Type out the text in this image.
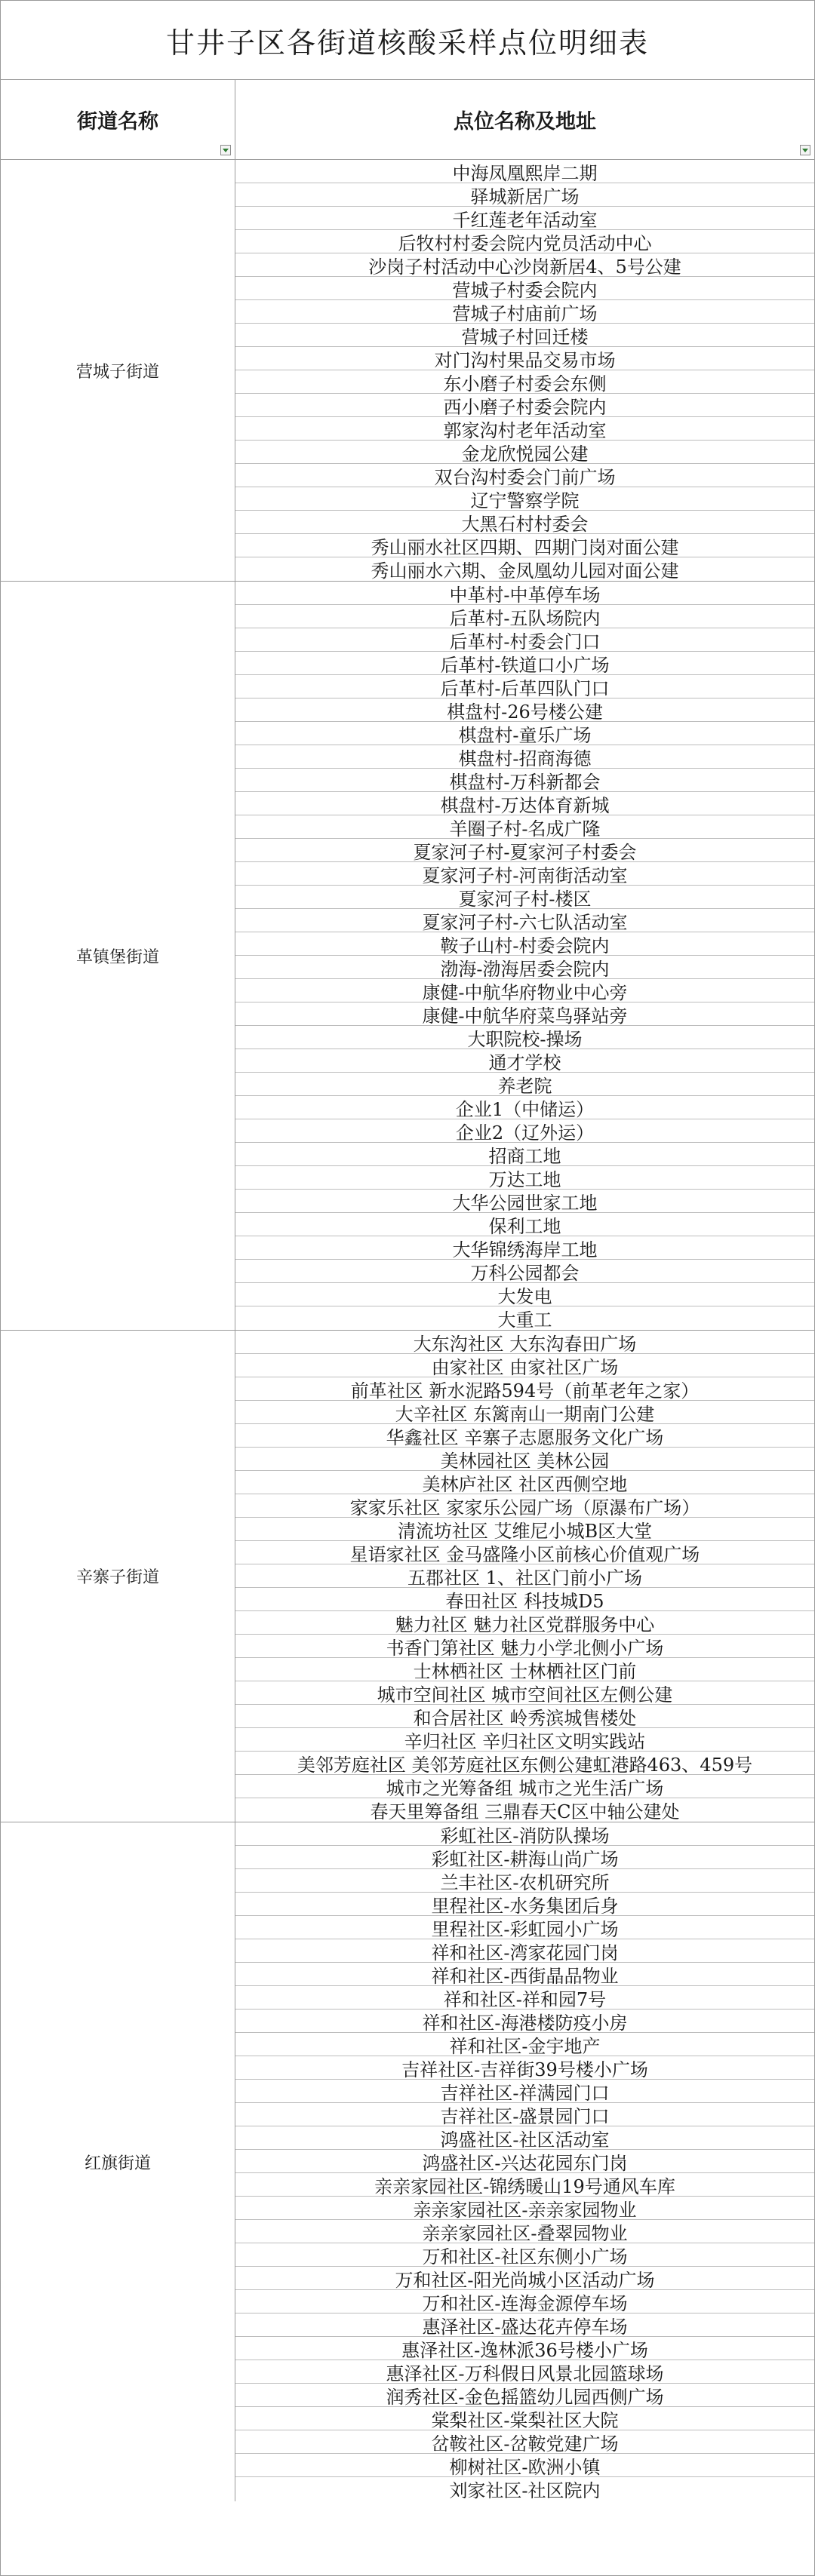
甘井子区各街道核酸采样点位明细表
街道名称	点位名称及地址
营城子街道
中海凤凰熙岸二期
驿城新居广场
千红莲老年活动室
后牧村村委会院内党员活动中心
沙岗子村活动中心沙岗新居4、5号公建
营城子村委会院内
营城子村庙前广场
营城子村回迁楼
对门沟村果品交易市场
东小磨子村委会东侧
西小磨子村委会院内
郭家沟村老年活动室
金龙欣悦园公建
双台沟村委会门前广场
辽宁警察学院
大黑石村村委会
秀山丽水社区四期、四期门岗对面公建
秀山丽水六期、金凤凰幼儿园对面公建
革镇堡街道
中革村-中革停车场
后革村-五队场院内
后革村-村委会门口
后革村-铁道口小广场
后革村-后革四队门口
棋盘村-26号楼公建
棋盘村-童乐广场
棋盘村-招商海德
棋盘村-万科新都会
棋盘村-万达体育新城
羊圈子村-名成广隆
夏家河子村-夏家河子村委会
夏家河子村-河南街活动室
夏家河子村-楼区
夏家河子村-六七队活动室
鞍子山村-村委会院内
渤海-渤海居委会院内
康健-中航华府物业中心旁
康健-中航华府菜鸟驿站旁
大职院校-操场
通才学校
养老院
企业1（中储运）
企业2（辽外运）
招商工地
万达工地
大华公园世家工地
保利工地
大华锦绣海岸工地
万科公园都会
大发电
大重工
辛寨子街道
大东沟社区 大东沟春田广场
由家社区 由家社区广场
前革社区 新水泥路594号（前革老年之家）
大辛社区 东篱南山一期南门公建
华鑫社区 辛寨子志愿服务文化广场
美林园社区 美林公园
美林庐社区 社区西侧空地
家家乐社区 家家乐公园广场（原瀑布广场）
清流坊社区 艾维尼小城B区大堂
星语家社区 金马盛隆小区前核心价值观广场
五郡社区 1、社区门前小广场
春田社区 科技城D5
魅力社区 魅力社区党群服务中心
书香门第社区 魅力小学北侧小广场
士林栖社区 士林栖社区门前
城市空间社区 城市空间社区左侧公建
和合居社区 岭秀滨城售楼处
辛归社区 辛归社区文明实践站
美邻芳庭社区 美邻芳庭社区东侧公建虹港路463、459号
城市之光筹备组 城市之光生活广场
春天里筹备组 三鼎春天C区中轴公建处
红旗街道
彩虹社区-消防队操场
彩虹社区-耕海山尚广场
兰丰社区-农机研究所
里程社区-水务集团后身
里程社区-彩虹园小广场
祥和社区-湾家花园门岗
祥和社区-西街晶品物业
祥和社区-祥和园7号
祥和社区-海港楼防疫小房
祥和社区-金宇地产
吉祥社区-吉祥街39号楼小广场
吉祥社区-祥满园门口
吉祥社区-盛景园门口
鸿盛社区-社区活动室
鸿盛社区-兴达花园东门岗
亲亲家园社区-锦绣暖山19号通风车库
亲亲家园社区-亲亲家园物业
亲亲家园社区-叠翠园物业
万和社区-社区东侧小广场
万和社区-阳光尚城小区活动广场
万和社区-连海金源停车场
惠泽社区-盛达花卉停车场
惠泽社区-逸林派36号楼小广场
惠泽社区-万科假日风景北园篮球场
润秀社区-金色摇篮幼儿园西侧广场
棠梨社区-棠梨社区大院
岔鞍社区-岔鞍党建广场
柳树社区-欧洲小镇
刘家社区-社区院内
